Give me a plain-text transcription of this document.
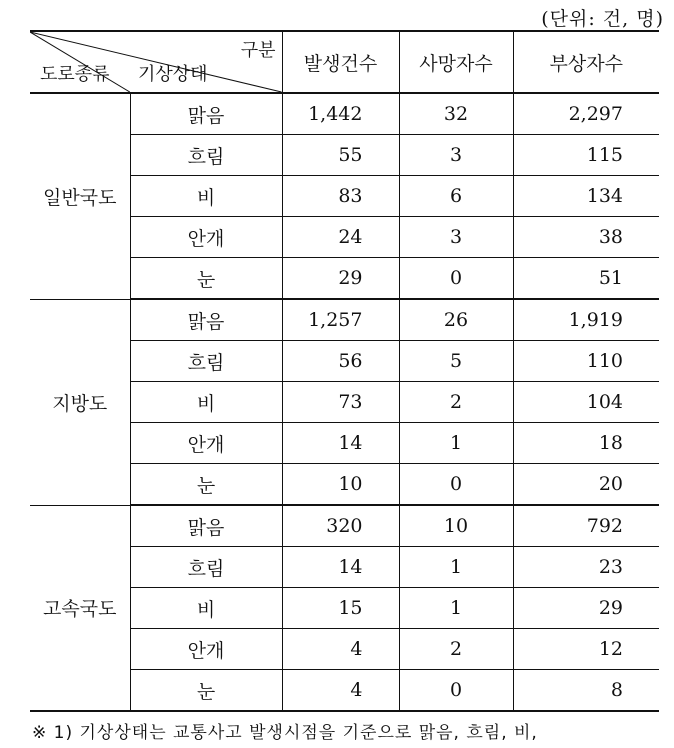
(단위: 건, 명)
구분
도로종류 기상상태		발생건수	사망자수	부상자수
일반국도	맑음	1,442	32	2,297
	흐림	55	3	115
	비	83	6	134
	안개	24	3	38
	눈	29	0	51
지방도	맑음	1,257	26	1,919
	흐림	56	5	110
	비	73	2	104
	안개	14	1	18
	눈	10	0	20
고속국도	맑음	320	10	792
	흐림	14	1	23
	비	15	1	29
	안개	4	2	12
	눈	4	0	8
※ 1) 기상상태는 교통사고 발생시점을 기준으로 맑음, 흐림, 비,
